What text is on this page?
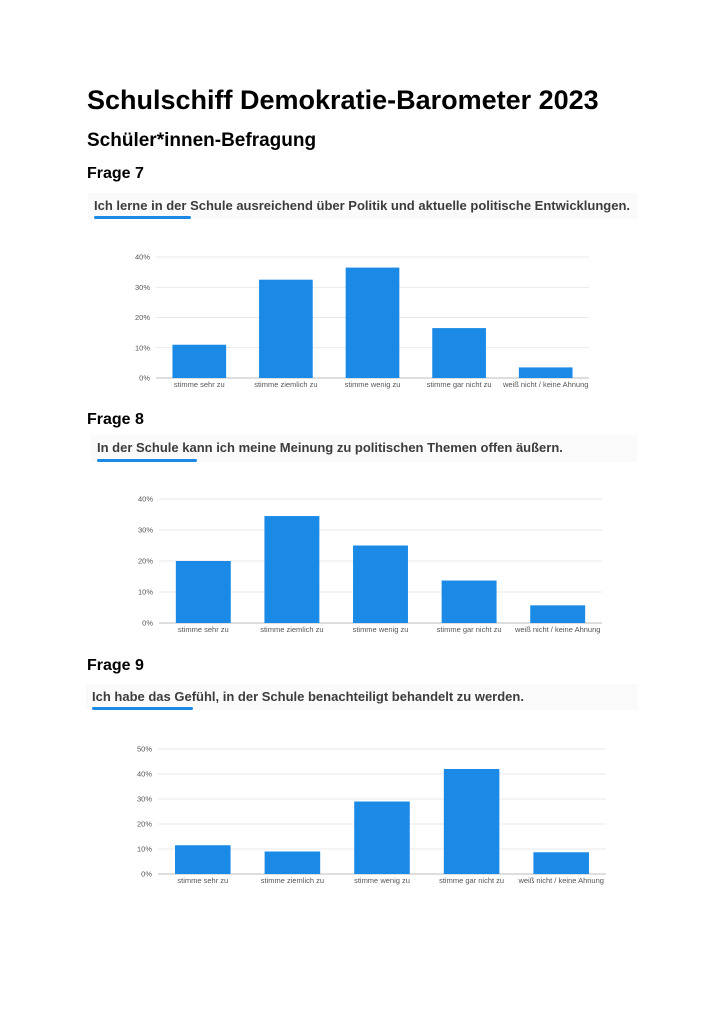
Schulschiff Demokratie-Barometer 2023
Schüler*innen-Befragung
Frage 7
Ich lerne in der Schule ausreichend über Politik und aktuelle politische Entwicklungen.
0%
10%
20%
30%
40%
stimme sehr zu	stimme ziemlich zu	stimme wenig zu	stimme gar nicht zu weiß nicht / keine Ahnung
Frage 8
In der Schule kann ich meine Meinung zu politischen Themen offen äußern.
0%
10%
20%
30%
40%
stimme sehr zu	stimme ziemlich zu	stimme wenig zu	stimme gar nicht zu weiß nicht / keine Ahnung
Frage 9
Ich habe das Gefühl, in der Schule benachteiligt behandelt zu werden.
0%
10%
20%
30%
40%
50%
stimme sehr zu	stimme ziemlich zu	stimme wenig zu	stimme gar nicht zu weiß nicht / keine Ahnung
